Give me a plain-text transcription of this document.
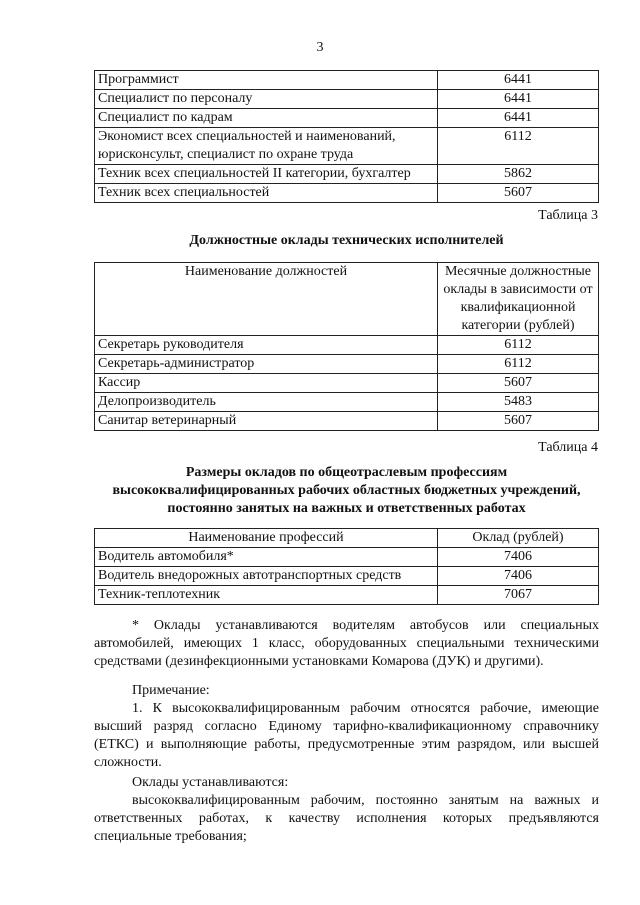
3
Программист	6441
Специалист по персоналу	6441
Специалист по кадрам	6441
Экономист всех специальностей и наименований, юрисконсульт, специалист по охране труда	6112
Техник всех специальностей II категории, бухгалтер	5862
Техник всех специальностей	5607
Таблица 3
Должностные оклады технических исполнителей
Наименование должностей	Месячные должностные оклады в зависимости от квалификационной категории (рублей)
Секретарь руководителя	6112
Секретарь-администратор	6112
Кассир	5607
Делопроизводитель	5483
Санитар ветеринарный	5607
Таблица 4
Размеры окладов по общеотраслевым профессиям высококвалифицированных рабочих областных бюджетных учреждений, постоянно занятых на важных и ответственных работах
Наименование профессий	Оклад (рублей)
Водитель автомобиля*	7406
Водитель внедорожных автотранспортных средств	7406
Техник-теплотехник	7067
* Оклады устанавливаются водителям автобусов или специальных автомобилей, имеющих 1 класс, оборудованных специальными техническими средствами (дезинфекционными установками Комарова (ДУК) и другими).
Примечание:
1. К высококвалифицированным рабочим относятся рабочие, имеющие высший разряд согласно Единому тарифно-квалификационному справочнику (ЕТКС) и выполняющие работы, предусмотренные этим разрядом, или высшей сложности.
Оклады устанавливаются:
высококвалифицированным рабочим, постоянно занятым на важных и ответственных работах, к качеству исполнения которых предъявляются специальные требования;
